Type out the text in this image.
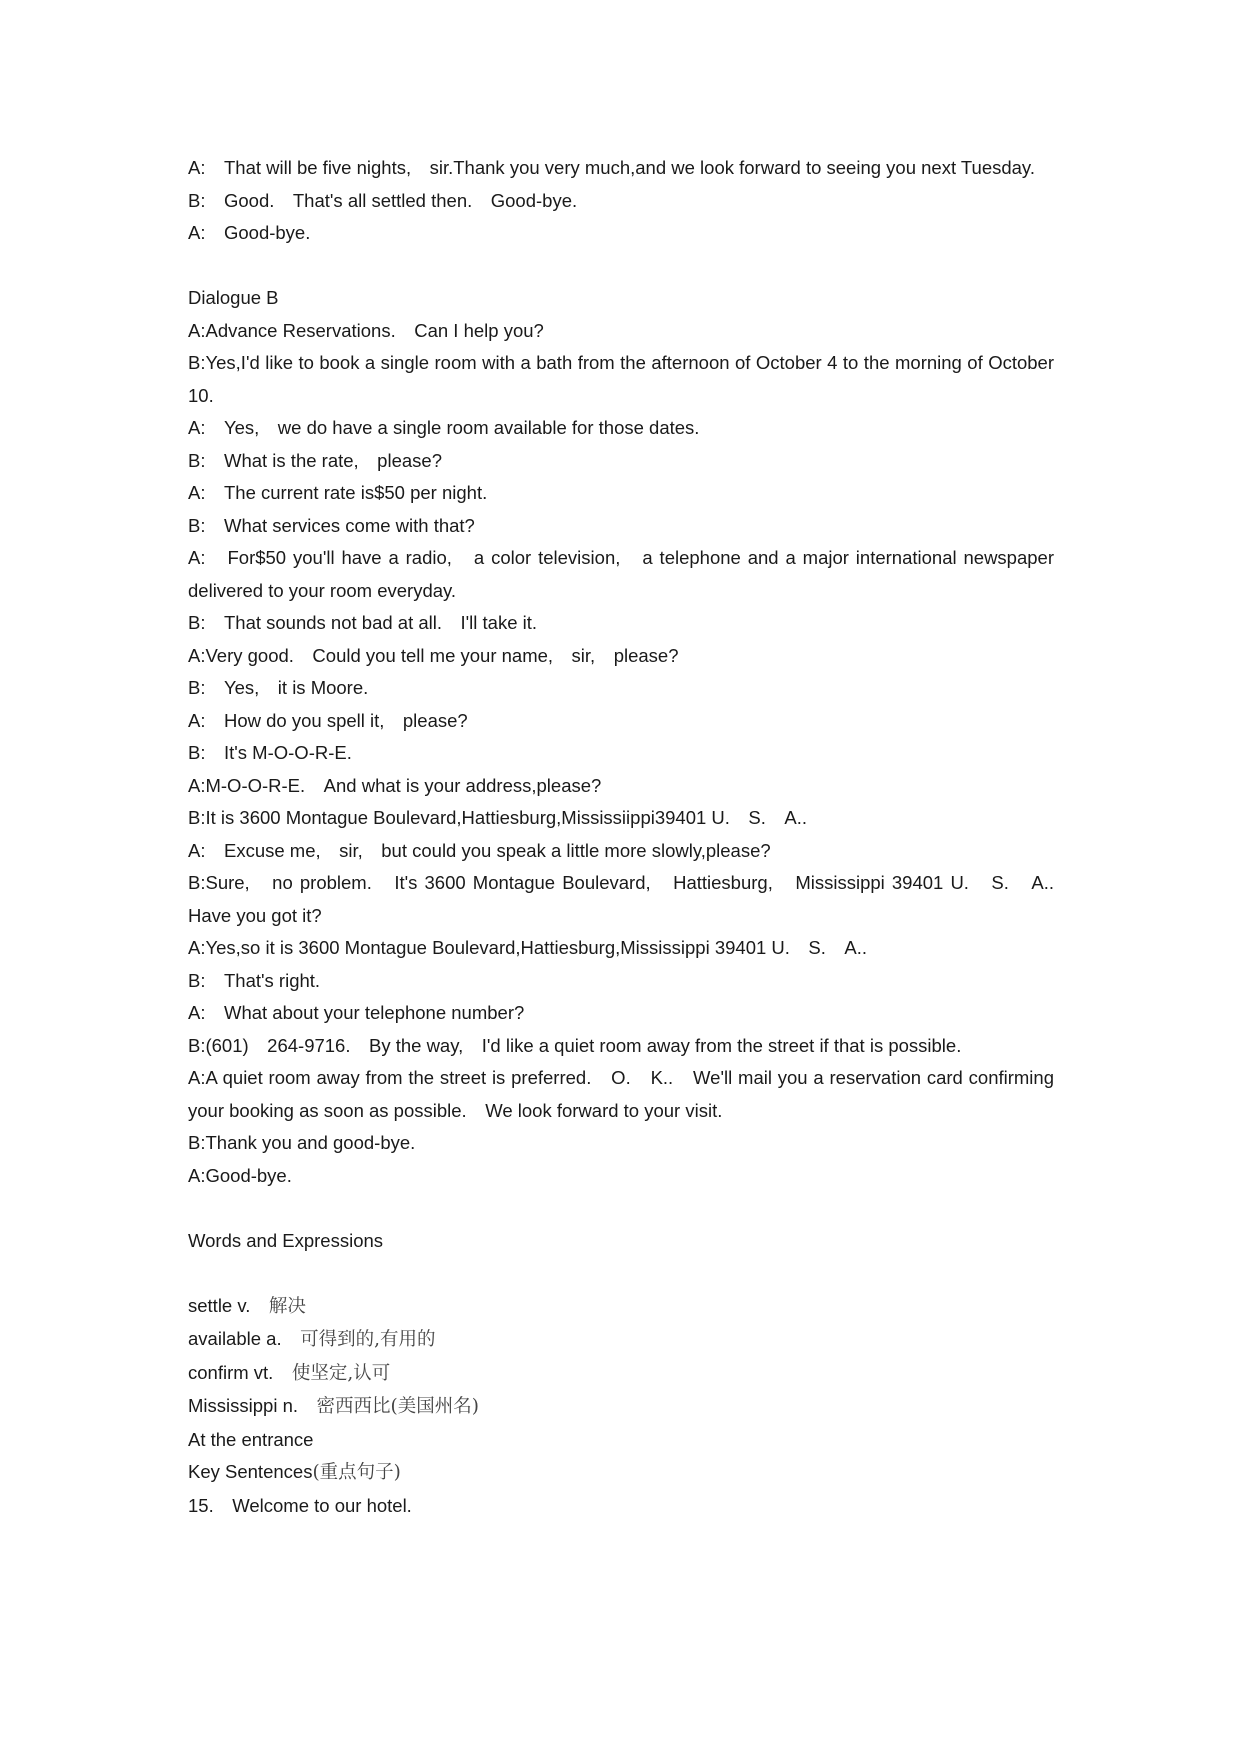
A:　That will be five nights,　sir.Thank you very much,and we look forward to seeing you next Tuesday.

B:　Good.　That's all settled then.　Good-bye.

A:　Good-bye.

Dialogue B

A:Advance Reservations.　Can I help you?

B:Yes,I'd like to book a single room with a bath from the afternoon of October 4 to the morning of October 10.

A:　Yes,　we do have a single room available for those dates.

B:　What is the rate,　please?

A:　The current rate is$50 per night.

B:　What services come with that?

A:　For$50 you'll have a radio,　a color television,　a telephone and a major international newspaper delivered to your room everyday.

B:　That sounds not bad at all.　I'll take it.

A:Very good.　Could you tell me your name,　sir,　please?

B:　Yes,　it is Moore.

A:　How do you spell it,　please?

B:　It's M-O-O-R-E.

A:M-O-O-R-E.　And what is your address,please?

B:It is 3600 Montague Boulevard,Hattiesburg,Mississiippi39401 U.　S.　A..

A:　Excuse me,　sir,　but could you speak a little more slowly,please?

B:Sure,　no problem.　It's 3600 Montague Boulevard,　Hattiesburg,　Mississippi 39401 U.　S.　A..　Have you got it?

A:Yes,so it is 3600 Montague Boulevard,Hattiesburg,Mississippi 39401 U.　S.　A..

B:　That's right.

A:　What about your telephone number?

B:(601)　264-9716.　By the way,　I'd like a quiet room away from the street if that is possible.

A:A quiet room away from the street is preferred.　O.　K..　We'll mail you a reservation card confirming your booking as soon as possible.　We look forward to your visit.

B:Thank you and good-bye.

A:Good-bye.

Words and Expressions

settle v.　 解决

available a.　 可得到的,有用的

confirm vt.　 使坚定,认可

Mississippi n.　 密西西比(美国州名)

At the entrance

Key Sentences(重点句子)

15.　Welcome to our hotel.
